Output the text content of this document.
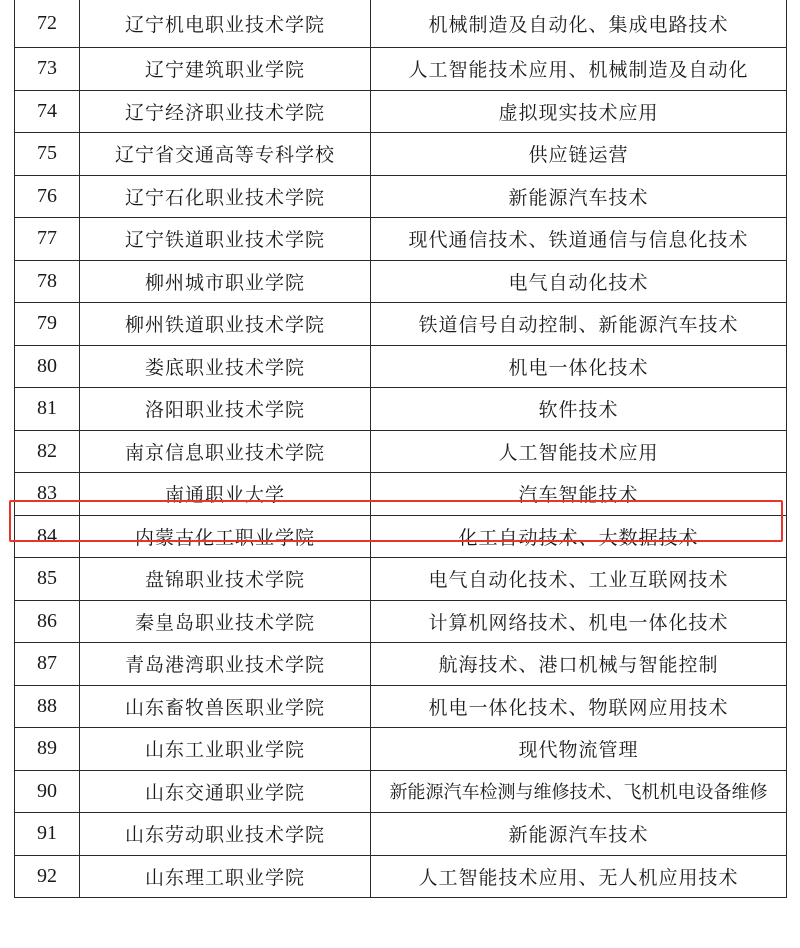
72	辽宁机电职业技术学院	机械制造及自动化、集成电路技术
73	辽宁建筑职业学院	人工智能技术应用、机械制造及自动化
74	辽宁经济职业技术学院	虚拟现实技术应用
75	辽宁省交通高等专科学校	供应链运营
76	辽宁石化职业技术学院	新能源汽车技术
77	辽宁铁道职业技术学院	现代通信技术、铁道通信与信息化技术
78	柳州城市职业学院	电气自动化技术
79	柳州铁道职业技术学院	铁道信号自动控制、新能源汽车技术
80	娄底职业技术学院	机电一体化技术
81	洛阳职业技术学院	软件技术
82	南京信息职业技术学院	人工智能技术应用
83	南通职业大学	汽车智能技术
84	内蒙古化工职业学院	化工自动技术、大数据技术
85	盘锦职业技术学院	电气自动化技术、工业互联网技术
86	秦皇岛职业技术学院	计算机网络技术、机电一体化技术
87	青岛港湾职业技术学院	航海技术、港口机械与智能控制
88	山东畜牧兽医职业学院	机电一体化技术、物联网应用技术
89	山东工业职业学院	现代物流管理
90	山东交通职业学院	新能源汽车检测与维修技术、飞机机电设备维修
91	山东劳动职业技术学院	新能源汽车技术
92	山东理工职业学院	人工智能技术应用、无人机应用技术
